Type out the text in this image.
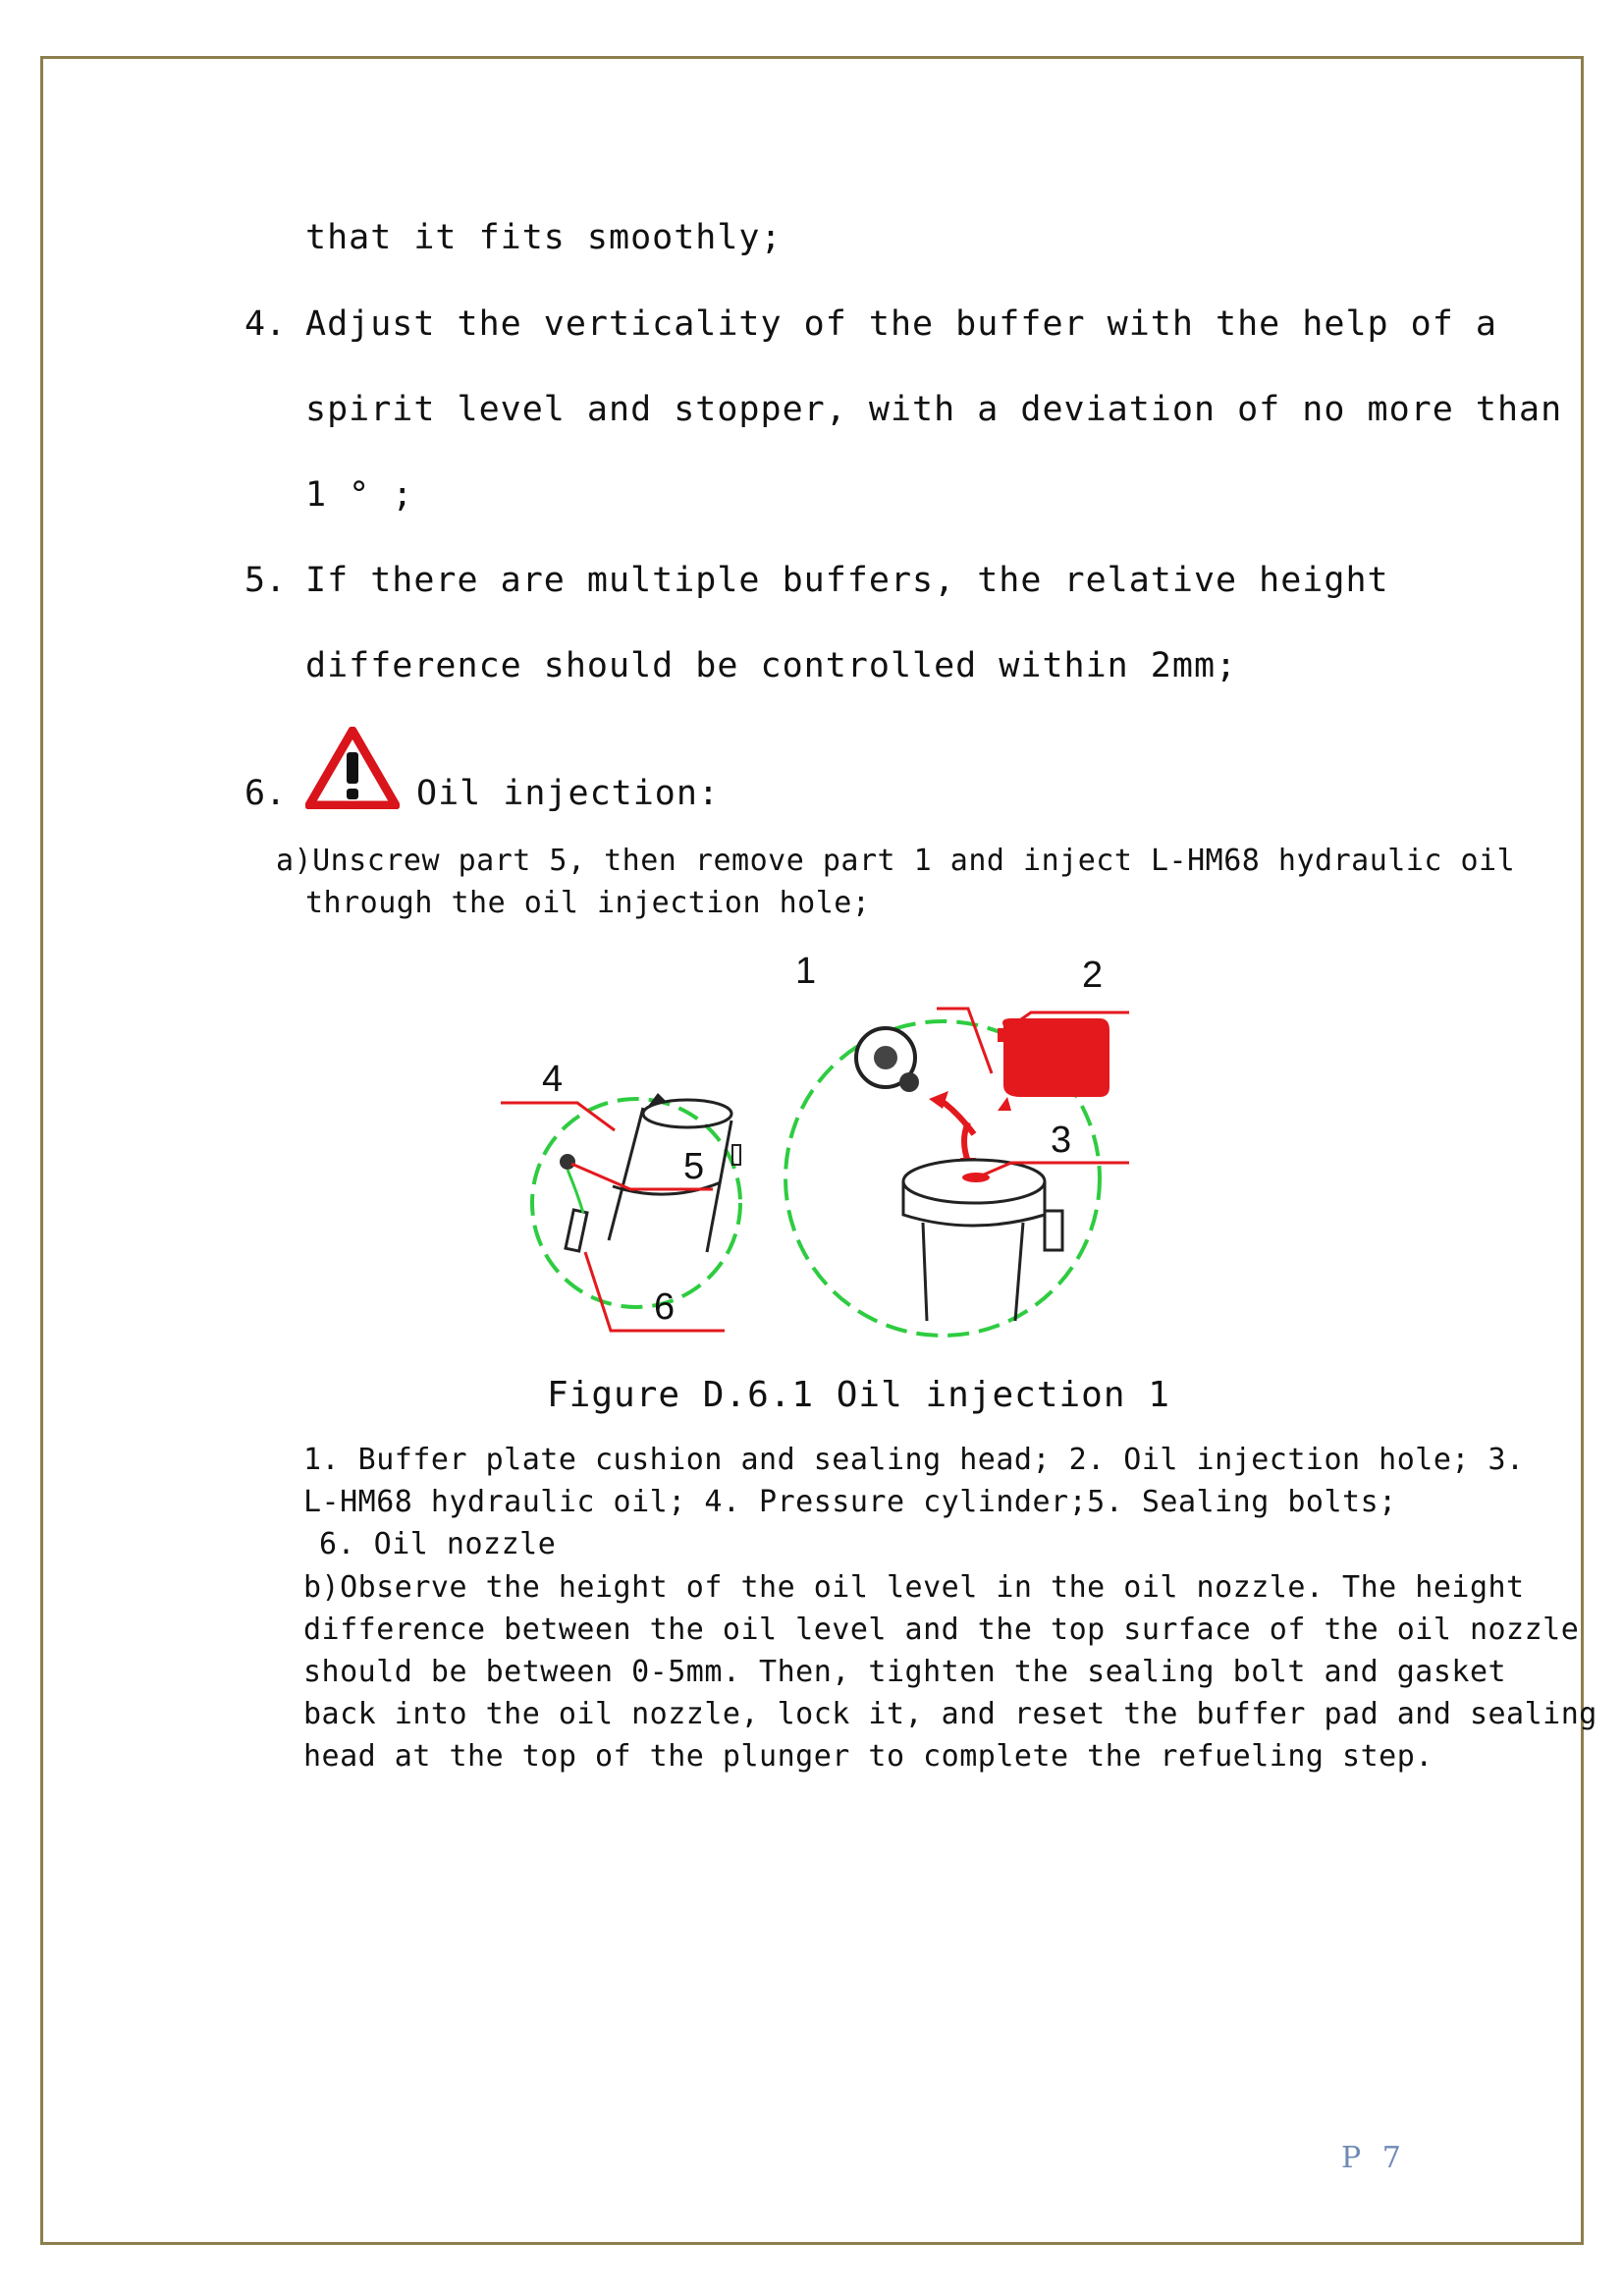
that it fits smoothly;
4. Adjust the verticality of the buffer with the help of a
spirit level and stopper, with a deviation of no more than
1 ° ;
5. If there are multiple buffers, the relative height
difference should be controlled within 2mm;
6.	Oil injection:
a)Unscrew part 5, then remove part 1 and inject L-HM68 hydraulic oil
through the oil injection hole;
4
5
6
1	2
3
Figure D.6.1 Oil injection 1
1. Buffer plate cushion and sealing head; 2. Oil injection hole; 3.
L-HM68 hydraulic oil; 4. Pressure cylinder;5. Sealing bolts;
6. Oil nozzle
b)Observe the height of the oil level in the oil nozzle. The height
difference between the oil level and the top surface of the oil nozzle
should be between 0-5mm. Then, tighten the sealing bolt and gasket
back into the oil nozzle, lock it, and reset the buffer pad and sealing
head at the top of the plunger to complete the refueling step.
P 7
